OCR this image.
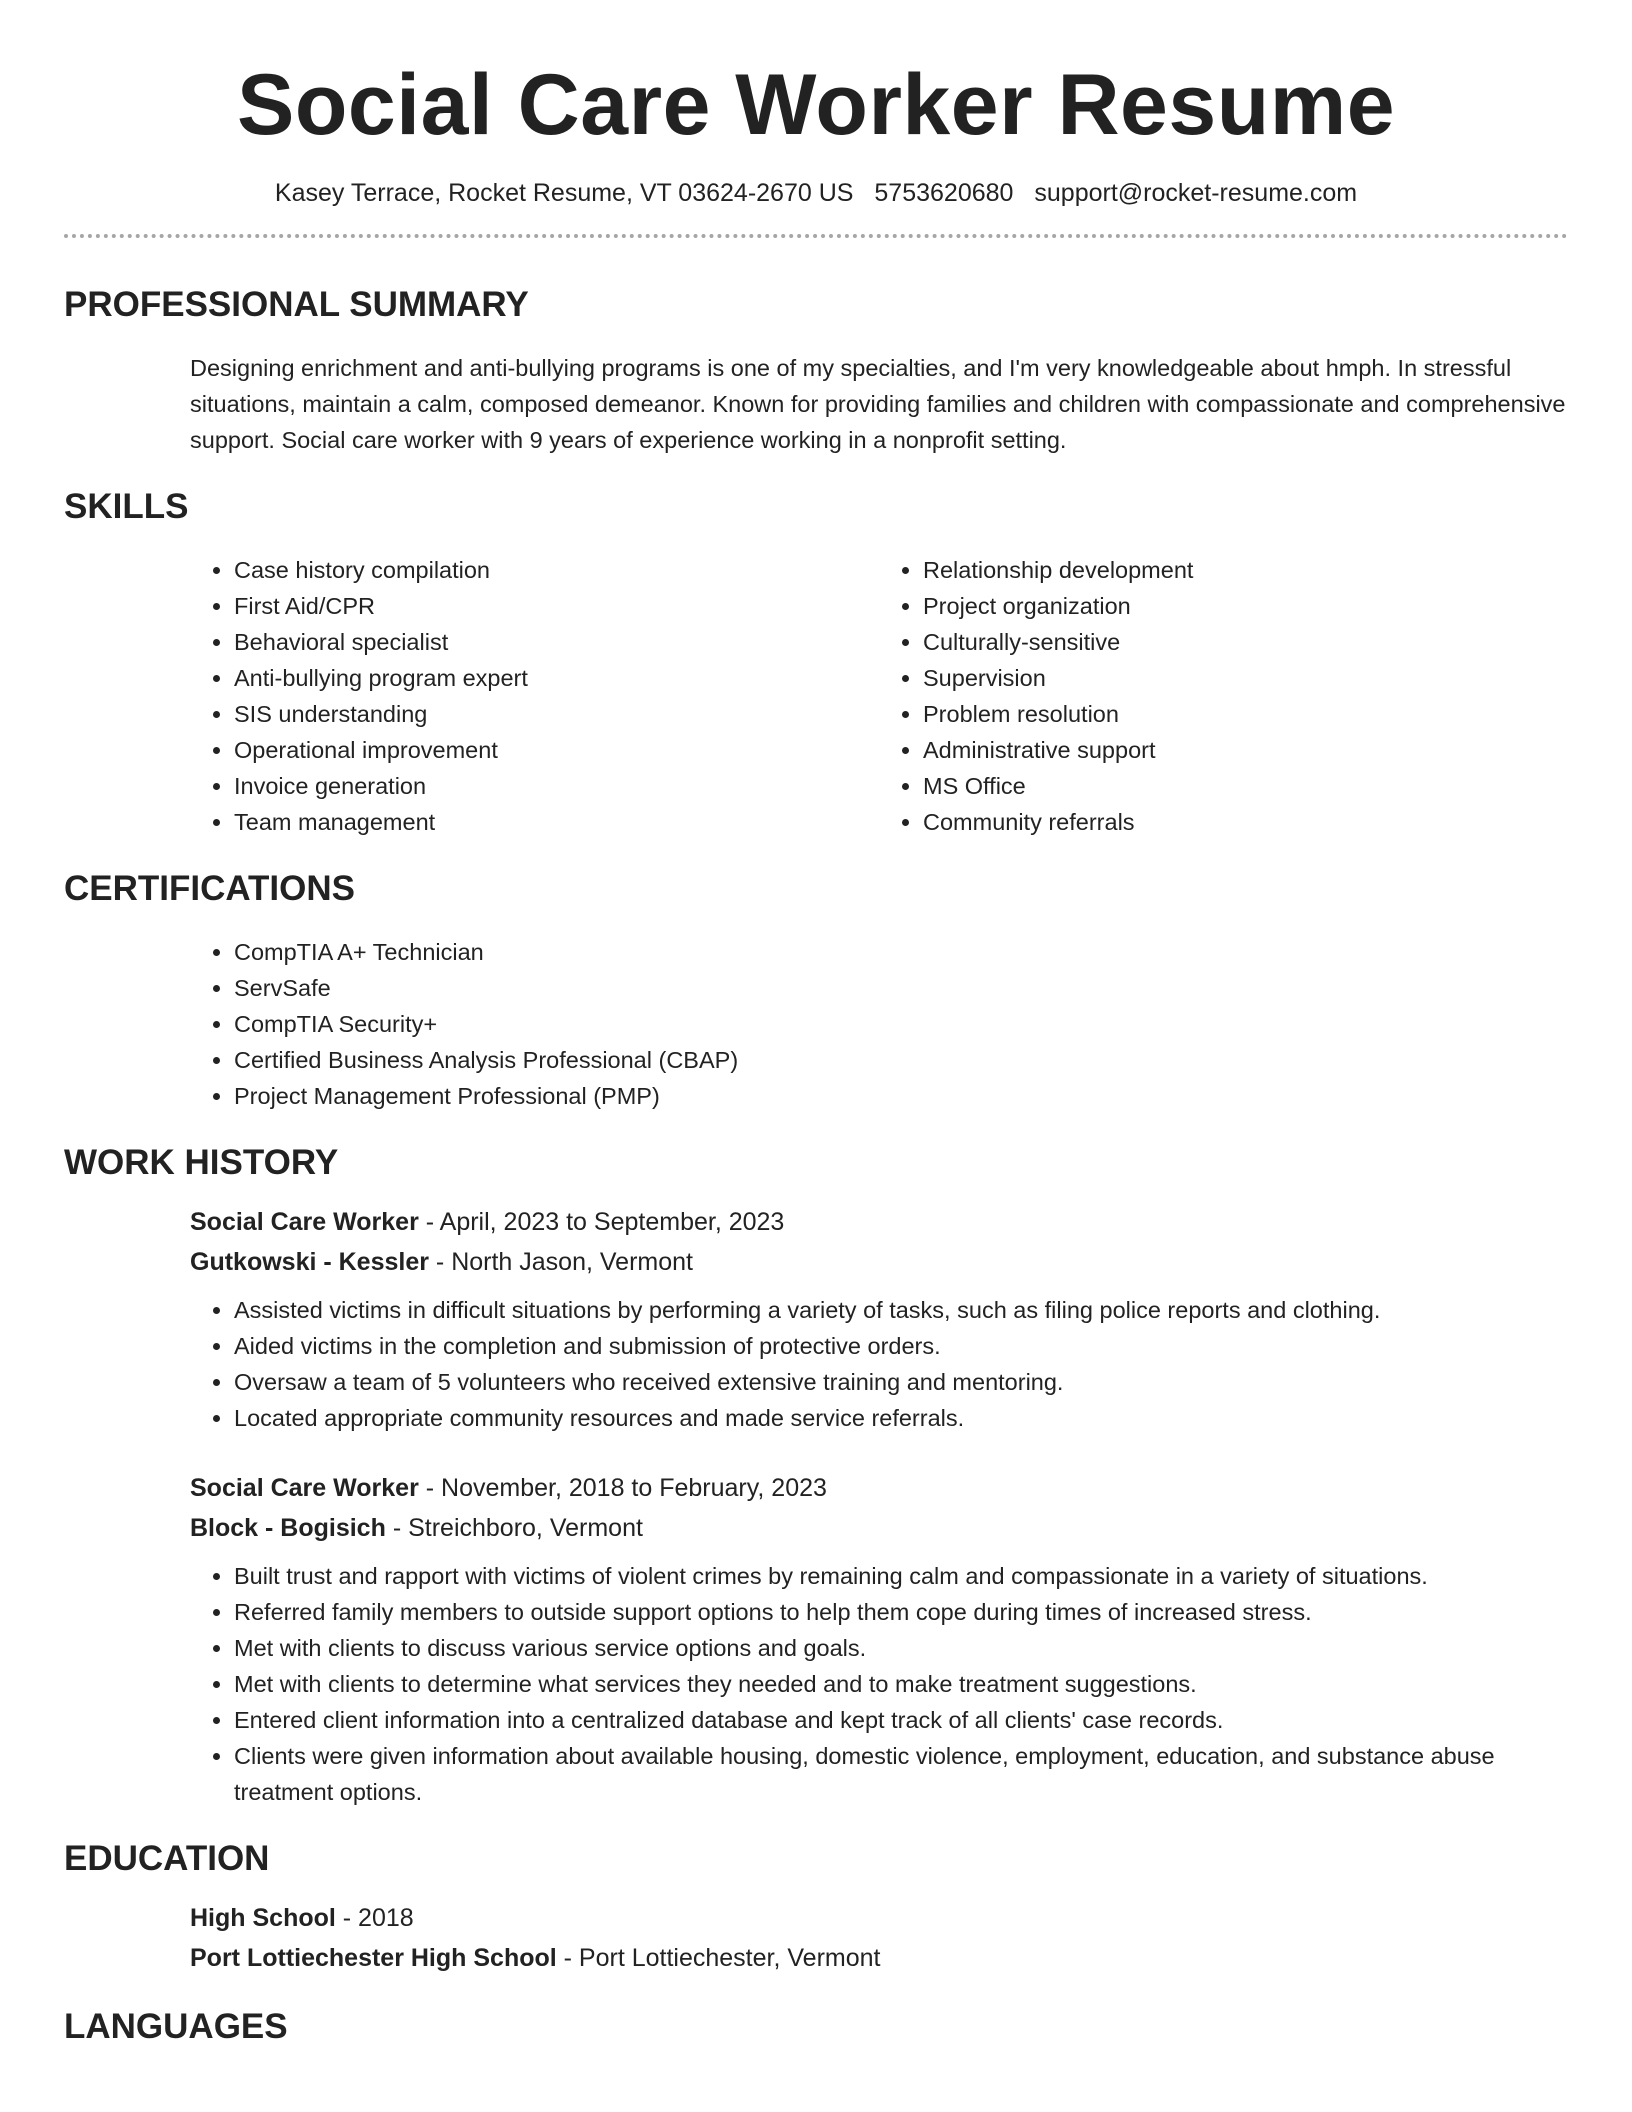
Social Care Worker Resume
Kasey Terrace, Rocket Resume, VT 03624-2670 US 5753620680 support@rocket-resume.com
PROFESSIONAL SUMMARY

Designing enrichment and anti-bullying programs is one of my specialties, and I'm very knowledgeable about hmph. In stressful situations, maintain a calm, composed demeanor. Known for providing families and children with compassionate and comprehensive support. Social care worker with 9 years of experience working in a nonprofit setting.

SKILLS
• Case history compilation
• First Aid/CPR
• Behavioral specialist
• Anti-bullying program expert
• SIS understanding
• Operational improvement
• Invoice generation
• Team management
• Relationship development
• Project organization
• Culturally-sensitive
• Supervision
• Problem resolution
• Administrative support
• MS Office
• Community referrals
CERTIFICATIONS
• CompTIA A+ Technician
• ServSafe
• CompTIA Security+
• Certified Business Analysis Professional (CBAP)
• Project Management Professional (PMP)
WORK HISTORY
Social Care Worker - April, 2023 to September, 2023
Gutkowski - Kessler - North Jason, Vermont
• Assisted victims in difficult situations by performing a variety of tasks, such as filing police reports and clothing.
• Aided victims in the completion and submission of protective orders.
• Oversaw a team of 5 volunteers who received extensive training and mentoring.
• Located appropriate community resources and made service referrals.
Social Care Worker - November, 2018 to February, 2023
Block - Bogisich - Streichboro, Vermont
• Built trust and rapport with victims of violent crimes by remaining calm and compassionate in a variety of situations.
• Referred family members to outside support options to help them cope during times of increased stress.
• Met with clients to discuss various service options and goals.
• Met with clients to determine what services they needed and to make treatment suggestions.
• Entered client information into a centralized database and kept track of all clients' case records.
• Clients were given information about available housing, domestic violence, employment, education, and substance abuse treatment options.
EDUCATION
High School - 2018
Port Lottiechester High School - Port Lottiechester, Vermont
LANGUAGES
